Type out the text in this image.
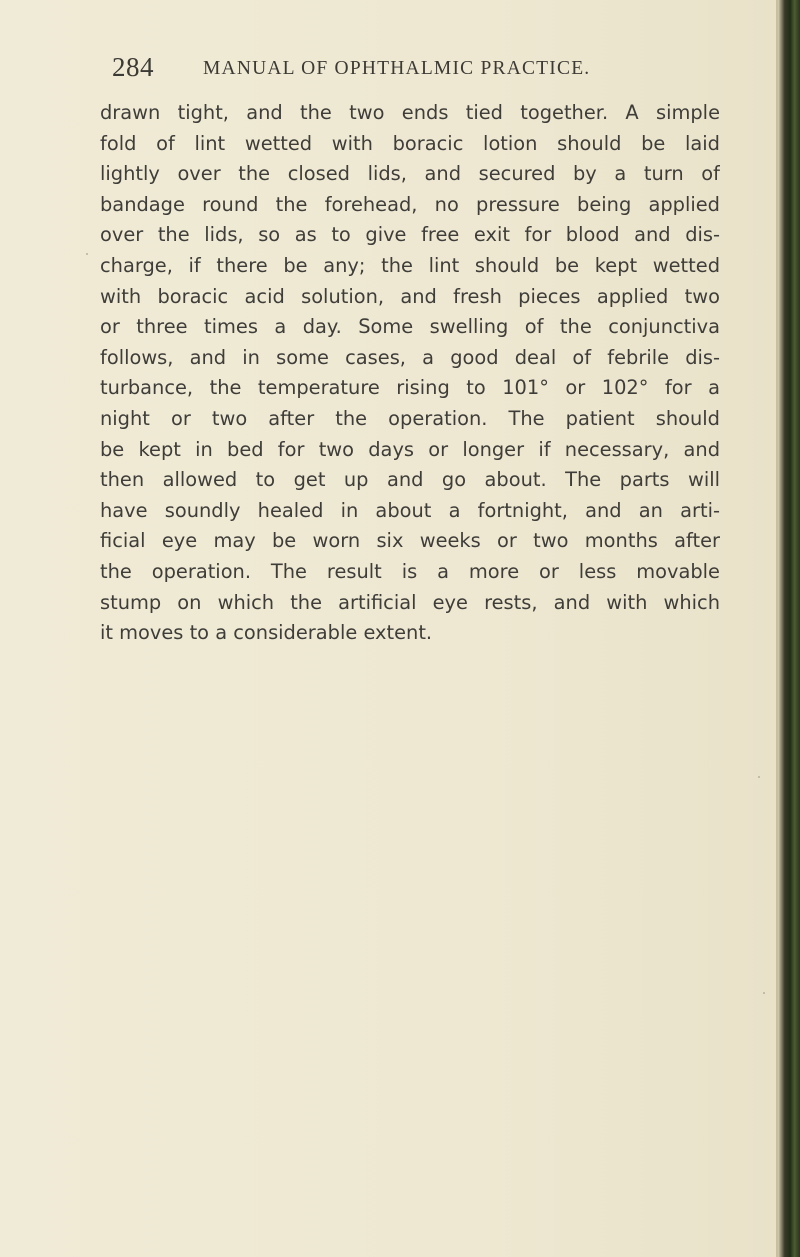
284	MANUAL OF OPHTHALMIC PRACTICE.
drawn tight, and the two ends tied together. A simple
fold of lint wetted with boracic lotion should be laid
lightly over the closed lids, and secured by a turn of
bandage round the forehead, no pressure being applied
over the lids, so as to give free exit for blood and dis-
charge, if there be any; the lint should be kept wetted
with boracic acid solution, and fresh pieces applied two
or three times a day. Some swelling of the conjunctiva
follows, and in some cases, a good deal of febrile dis-
turbance, the temperature rising to 101° or 102° for a
night or two after the operation. The patient should
be kept in bed for two days or longer if necessary, and
then allowed to get up and go about. The parts will
have soundly healed in about a fortnight, and an arti-
ficial eye may be worn six weeks or two months after
the operation. The result is a more or less movable
stump on which the artificial eye rests, and with which
it moves to a considerable extent.
